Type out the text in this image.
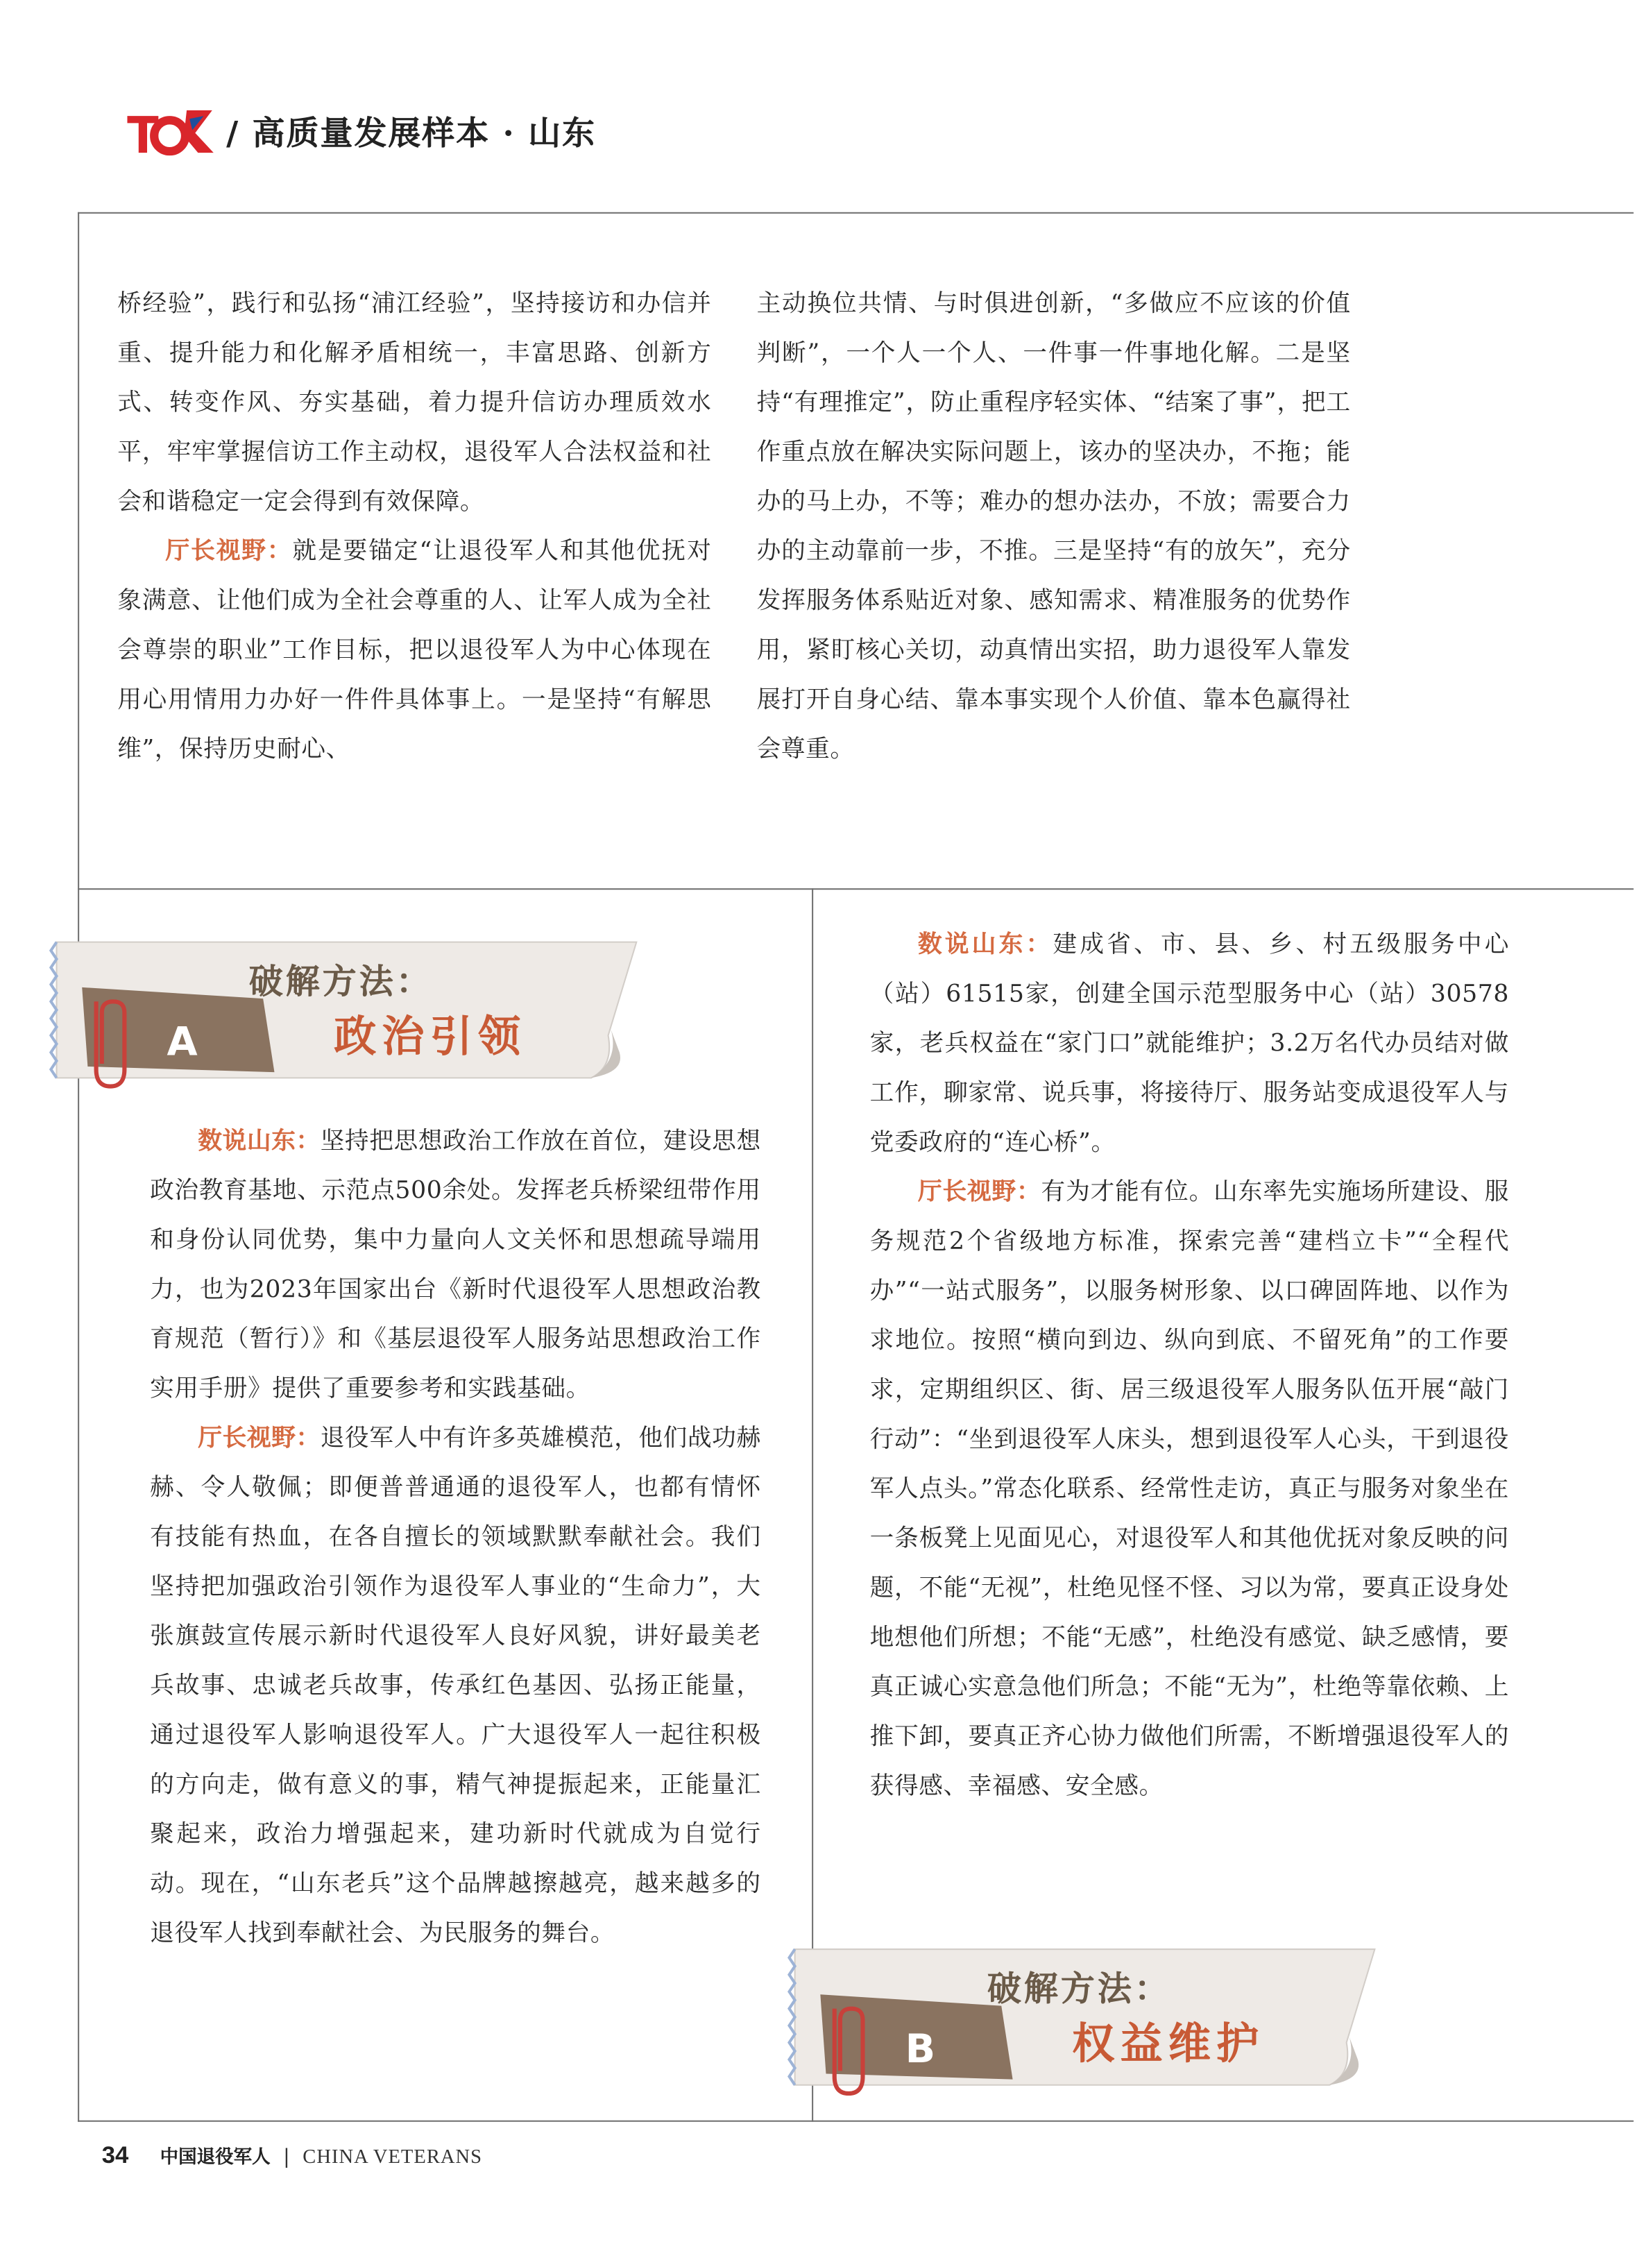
/ 高质量发展样本 · 山东

桥经验”，践行和弘扬“浦江经验”，坚持接访和办信并重、提升能力和化解矛盾相统一，丰富思路、创新方式、转变作风、夯实基础，着力提升信访办理质效水平，牢牢掌握信访工作主动权，退役军人合法权益和社会和谐稳定一定会得到有效保障。

厅长视野：就是要锚定“让退役军人和其他优抚对象满意、让他们成为全社会尊重的人、让军人成为全社会尊崇的职业”工作目标，把以退役军人为中心体现在用心用情用力办好一件件具体事上。一是坚持“有解思维”，保持历史耐心、

主动换位共情、与时俱进创新，“多做应不应该的价值判断”，一个人一个人、一件事一件事地化解。二是坚持“有理推定”，防止重程序轻实体、“结案了事”，把工作重点放在解决实际问题上，该办的坚决办，不拖；能办的马上办，不等；难办的想办法办，不放；需要合力办的主动靠前一步，不推。三是坚持“有的放矢”，充分发挥服务体系贴近对象、感知需求、精准服务的优势作用，紧盯核心关切，动真情出实招，助力退役军人靠发展打开自身心结、靠本事实现个人价值、靠本色赢得社会尊重。

A
破解方法：
政治引领

数说山东：坚持把思想政治工作放在首位，建设思想政治教育基地、示范点500余处。发挥老兵桥梁纽带作用和身份认同优势，集中力量向人文关怀和思想疏导端用力，也为2023年国家出台《新时代退役军人思想政治教育规范（暂行）》和《基层退役军人服务站思想政治工作实用手册》提供了重要参考和实践基础。

厅长视野：退役军人中有许多英雄模范，他们战功赫赫、令人敬佩；即便普普通通的退役军人，也都有情怀有技能有热血，在各自擅长的领域默默奉献社会。我们坚持把加强政治引领作为退役军人事业的“生命力”，大张旗鼓宣传展示新时代退役军人良好风貌，讲好最美老兵故事、忠诚老兵故事，传承红色基因、弘扬正能量，通过退役军人影响退役军人。广大退役军人一起往积极的方向走，做有意义的事，精气神提振起来，正能量汇聚起来，政治力增强起来，建功新时代就成为自觉行动。现在，“山东老兵”这个品牌越擦越亮，越来越多的退役军人找到奉献社会、为民服务的舞台。

数说山东：建成省、市、县、乡、村五级服务中心（站）61515家，创建全国示范型服务中心（站）30578家，老兵权益在“家门口”就能维护；3.2万名代办员结对做工作，聊家常、说兵事，将接待厅、服务站变成退役军人与党委政府的“连心桥”。

厅长视野：有为才能有位。山东率先实施场所建设、服务规范2个省级地方标准，探索完善“建档立卡”“全程代办”“一站式服务”，以服务树形象、以口碑固阵地、以作为求地位。按照“横向到边、纵向到底、不留死角”的工作要求，定期组织区、街、居三级退役军人服务队伍开展“敲门行动”：“坐到退役军人床头，想到退役军人心头，干到退役军人点头。”常态化联系、经常性走访，真正与服务对象坐在一条板凳上见面见心，对退役军人和其他优抚对象反映的问题，不能“无视”，杜绝见怪不怪、习以为常，要真正设身处地想他们所想；不能“无感”，杜绝没有感觉、缺乏感情，要真正诚心实意急他们所急；不能“无为”，杜绝等靠依赖、上推下卸，要真正齐心协力做他们所需，不断增强退役军人的获得感、幸福感、安全感。

B
破解方法：
权益维护
34	中国退役军人 | CHINA VETERANS
